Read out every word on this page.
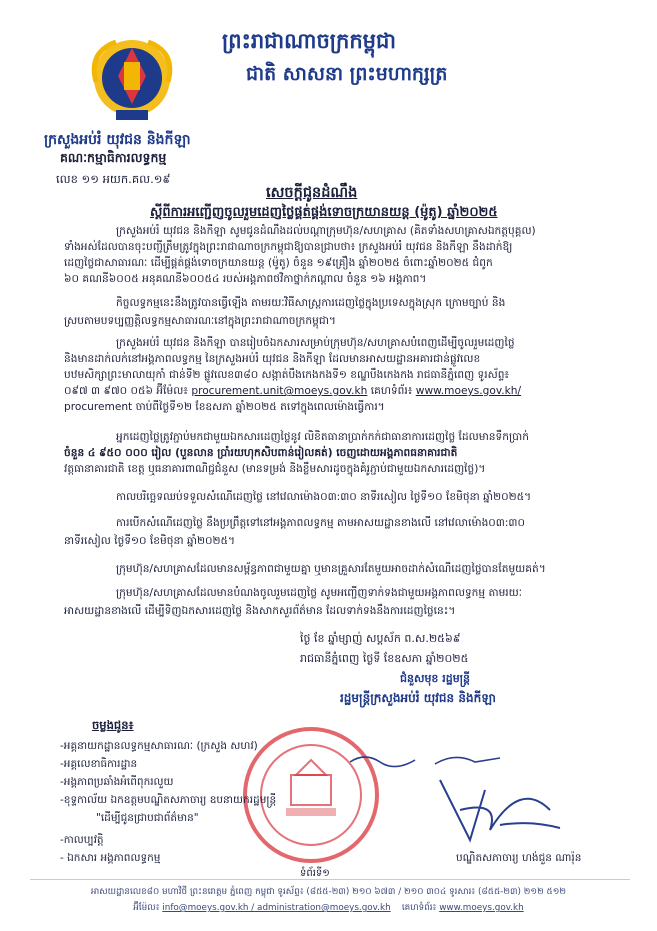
ព្រះរាជាណាចក្រកម្ពុជា
ជាតិ សាសនា ព្រះមហាក្សត្រ
ក្រសួងអប់រំ យុវជន និងកីឡា
គណៈកម្មាធិការលទ្ធកម្ម
លេខ ១១ អយក.គល.១៩
សេចក្តីជូនដំណឹង
ស្តីពីការអញ្ជើញចូលរួមដេញថ្លៃផ្គត់ផ្គង់ទោចក្រយានយន្ត (ម៉ូតូ) ឆ្នាំ២០២៥
ក្រសួងអប់រំ យុវជន និងកីឡា សូមជូនដំណឹងដល់បណ្តាក្រុមហ៊ុន/សហគ្រាស (គិតទាំងសហគ្រាសឯកត្តបុគ្គល)
ទាំងអស់ដែលបានចុះបញ្ជីត្រឹមត្រូវក្នុងព្រះរាជាណាចក្រកម្ពុជាឱ្យបានជ្រាបថា៖ ក្រសួងអប់រំ យុវជន និងកីឡា នឹងដាក់ឱ្យ
ដេញថ្លៃជាសាធារណៈ ដើម្បីផ្គត់ផ្គង់ទោចក្រយានយន្ត (ម៉ូតូ) ចំនួន ១៩គ្រឿង ឆ្នាំ២០២៥ ចំពោះឆ្នាំ២០២៥ ជំពូក
៦០ គណនី៦០០៥ អនុគណនី៦០០៥៤ របស់អង្គភាពថវិកាថ្នាក់កណ្តាល ចំនួន ១៦ អង្គភាព។
កិច្ចលទ្ធកម្មនេះនឹងត្រូវបានធ្វើឡើង តាមរយៈវិធីសាស្ត្រការដេញថ្លៃក្នុងប្រទេសក្នុងស្រុក ក្រោមច្បាប់ និង
ស្របតាមបទប្បញ្ញត្តិលទ្ធកម្មសាធារណៈនៅក្នុងព្រះរាជាណាចក្រកម្ពុជា។
ក្រសួងអប់រំ យុវជន និងកីឡា បានរៀបចំឯកសារសម្រាប់ក្រុមហ៊ុន/សហគ្រាសបំពេញដើម្បីចូលរួមដេញថ្លៃ
និងមានដាក់លក់នៅអង្គភាពលទ្ធកម្ម នៃក្រសួងអប់រំ យុវជន និងកីឡា ដែលមានអាសយដ្ឋានអគារជាន់ផ្លូវលេខ
បឋមសិក្សាព្រះមាលាយុកាំ ជាន់ទី២ ផ្លូវលេខ៣៨០ សង្កាត់បឹងកេងកងទី១ ខណ្ឌបឹងកេងកង រាជធានីភ្នំពេញ ទូរស័ព្ទ៖
០៩៧ ៣ ៩៧០ ០៥៦ អ៊ីម៉ែល៖ procurement.unit@moeys.gov.kh គេហទំព័រ៖ www.moeys.gov.kh/
procurement ចាប់ពីថ្ងៃទី១២ ខែឧសភា ឆ្នាំ២០២៥ តទៅក្នុងពេលម៉ោងធ្វើការ។
អ្នកដេញថ្លៃត្រូវភ្ជាប់មកជាមួយឯកសារដេញថ្លៃនូវ លិខិតធានាប្រាក់កក់ជាធានាការដេញថ្លៃ ដែលមានទឹកប្រាក់
ចំនួន ៤ ៩៥០ ០០០ រៀល (បួនលាន ប្រាំរយហុកសិបពាន់រៀលគត់) ចេញដោយអង្គភាពធនាគារជាតិ
វត្តធានាគារជាតិ ខេត្ត ឬធនាគារពាណិជ្ជជំនួស (មានទម្រង់ និងខ្លឹមសារដូចក្នុងគំរូភ្ជាប់ជាមួយឯកសារដេញថ្លៃ)។
កាលបរិច្ឆេទឈប់ទទួលសំណើដេញថ្លៃ នៅវេលាម៉ោង០៣:៣០ នាទីរសៀល ថ្ងៃទី១០ ខែមិថុនា ឆ្នាំ២០២៥។
ការបើកសំណើដេញថ្លៃ នឹងប្រព្រឹត្តទៅនៅអង្គភាពលទ្ធកម្ម តាមអាសយដ្ឋានខាងលើ នៅវេលាម៉ោង០៣:៣០
នាទីរសៀល ថ្ងៃទី១០ ខែមិថុនា ឆ្នាំ២០២៥។
ក្រុមហ៊ុន/សហគ្រាសដែលមានសម្ព័ន្ធភាពជាមួយគ្នា ឬមានគ្រួសារតែមួយអាចដាក់សំណើដេញថ្លៃបានតែមួយគត់។
ក្រុមហ៊ុន/សហគ្រាសដែលមានបំណងចូលរួមដេញថ្លៃ សូមអញ្ជើញទាក់ទងជាមួយអង្គភាពលទ្ធកម្ម តាមរយៈ
អាសយដ្ឋានខាងលើ ដើម្បីទិញឯកសារដេញថ្លៃ និងសាកសួរព័ត៌មាន ដែលទាក់ទងនឹងការដេញថ្លៃនេះ។
ថ្ងៃ ខែ ឆ្នាំម្សាញ់ សប្តស័ក ព.ស.២៥៦៩
រាជធានីភ្នំពេញ ថ្ងៃទី ខែឧសភា ឆ្នាំ២០២៥
ជំនួសមុខ រដ្ឋមន្ត្រី
រដ្ឋមន្ត្រីក្រសួងអប់រំ យុវជន និងកីឡា
បណ្ឌិតសភាចារ្យ ហង់ជួន ណារ៉ុន
ចម្លងជូន៖
-អគ្គនាយកដ្ឋានលទ្ធកម្មសាធារណៈ (ក្រសួង សហវ)
-អគ្គលេខាធិការដ្ឋាន
-អង្គភាពប្រឆាំងអំពើពុករលួយ
-ខុទ្ទកាល័យ ឯកឧត្តមបណ្ឌិតសភាចារ្យ ឧបនាយករដ្ឋមន្ត្រី
"ដើម្បីជូនជ្រាបជាព័ត៌មាន"
-កាលប្បវត្តិ
- ឯកសារ អង្គភាពលទ្ធកម្ម
ទំព័រទី១
អាសយដ្ឋានលេខ៨០ មហាវិថី ព្រះនរោត្តម ភ្នំពេញ កម្ពុជា ទូរស័ព្ទ៖ (៨៥៥-២៣) ២១០ ៦៧៣ / ២១០ ៣០៤ ទូរសារ៖ (៨៥៥-២៣) ២១២ ៥១២
អ៊ីម៉ែល៖ info@moeys.gov.kh / administration@moeys.gov.kh គេហទំព័រ៖ www.moeys.gov.kh
